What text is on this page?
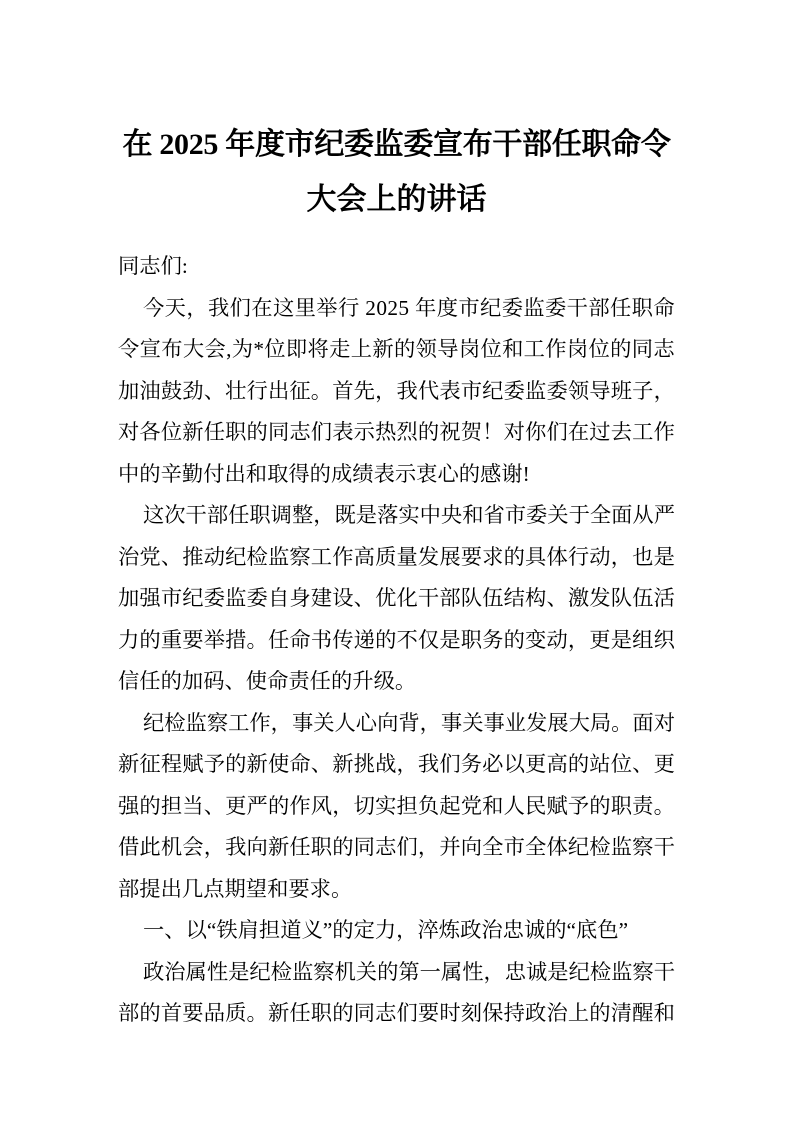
在 2025 年度市纪委监委宣布干部任职命令
大会上的讲话
同志们:
今天，我们在这里举行 2025 年度市纪委监委干部任职命
令宣布大会,为*位即将走上新的领导岗位和工作岗位的同志
加油鼓劲、壮行出征。首先，我代表市纪委监委领导班子，
对各位新任职的同志们表示热烈的祝贺！对你们在过去工作
中的辛勤付出和取得的成绩表示衷心的感谢!
这次干部任职调整，既是落实中央和省市委关于全面从严
治党、推动纪检监察工作高质量发展要求的具体行动，也是
加强市纪委监委自身建设、优化干部队伍结构、激发队伍活
力的重要举措。任命书传递的不仅是职务的变动，更是组织
信任的加码、使命责任的升级。
纪检监察工作，事关人心向背，事关事业发展大局。面对
新征程赋予的新使命、新挑战，我们务必以更高的站位、更
强的担当、更严的作风，切实担负起党和人民赋予的职责。
借此机会，我向新任职的同志们，并向全市全体纪检监察干
部提出几点期望和要求。
一、以“铁肩担道义”的定力，淬炼政治忠诚的“底色”
政治属性是纪检监察机关的第一属性，忠诚是纪检监察干
部的首要品质。新任职的同志们要时刻保持政治上的清醒和
